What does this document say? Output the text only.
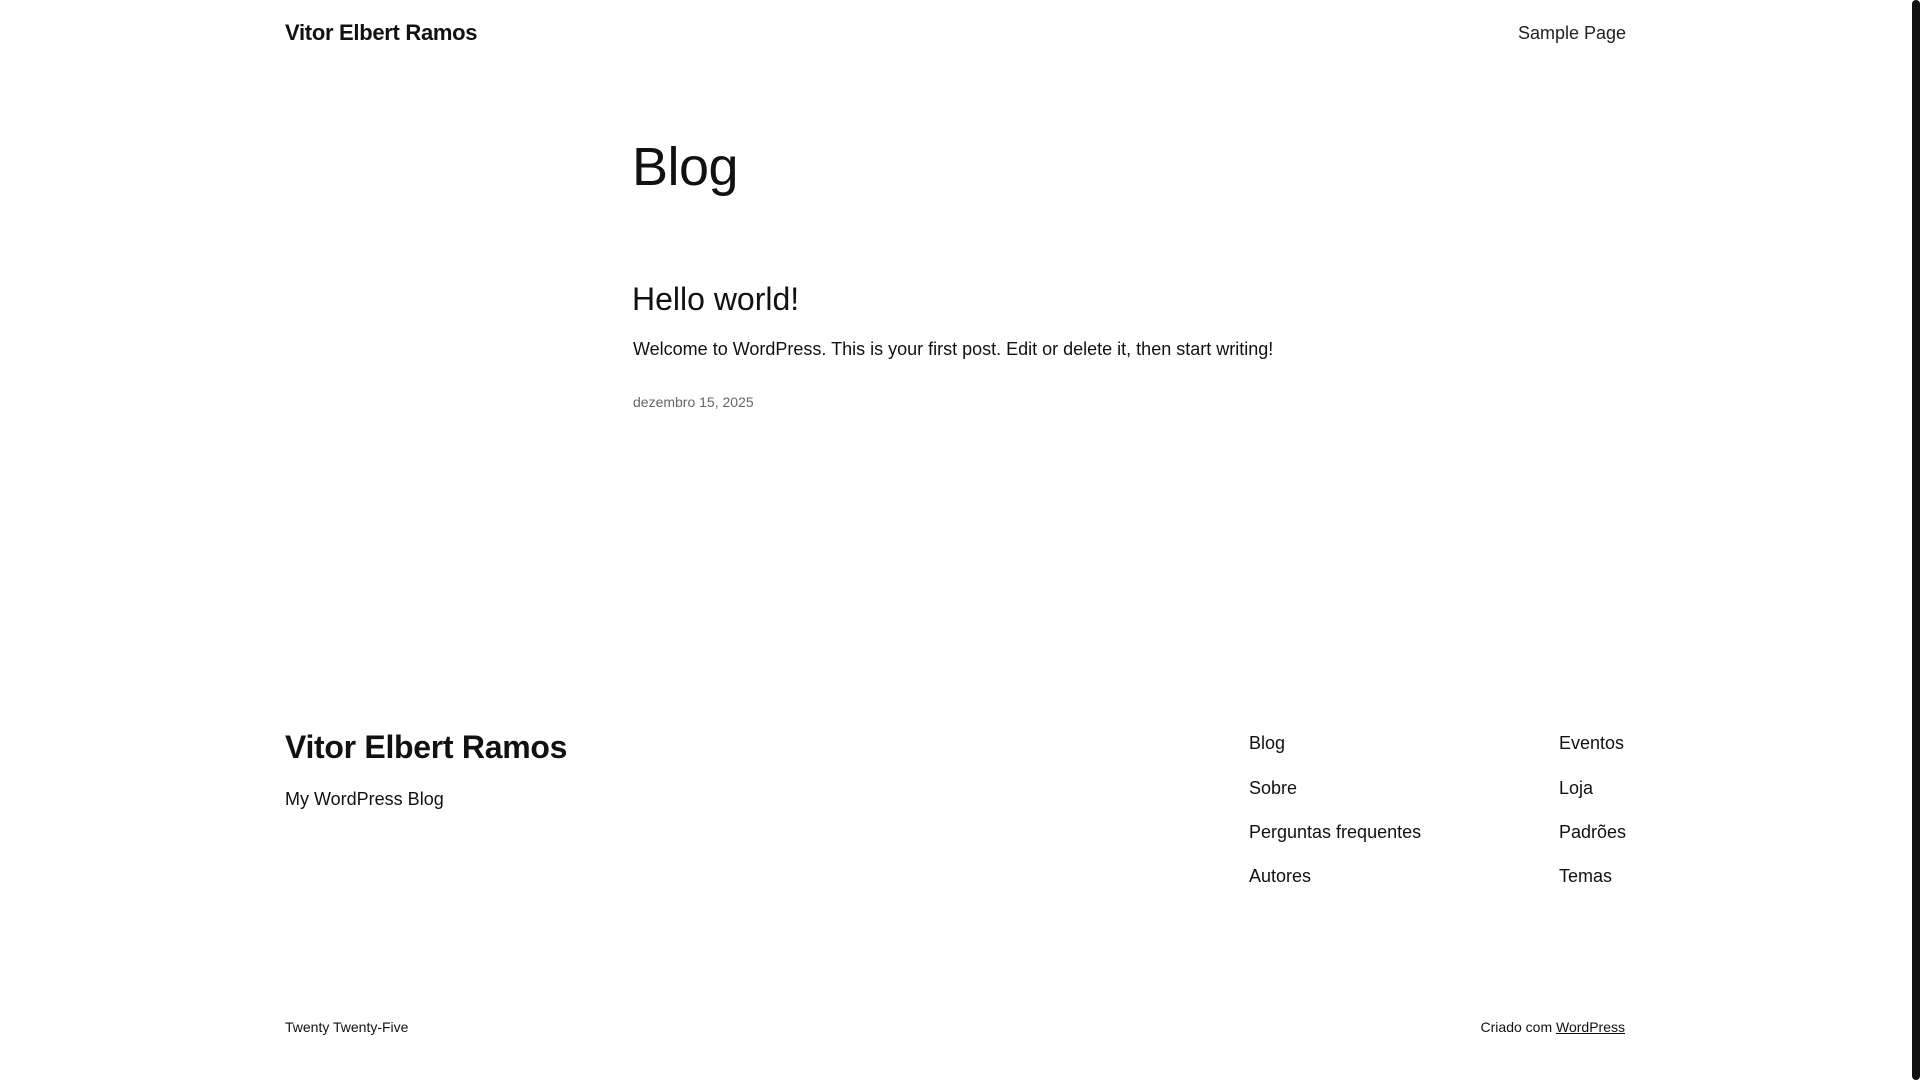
Vitor Elbert Ramos	Sample Page
Blog
Hello world!

Welcome to WordPress. This is your first post. Edit or delete it, then start writing!

dezembro 15, 2025
Vitor Elbert Ramos

My WordPress Blog

Blog
Sobre
Perguntas frequentes
Autores
Eventos
Loja
Padrões
Temas
Twenty Twenty-Five	Criado com WordPress
